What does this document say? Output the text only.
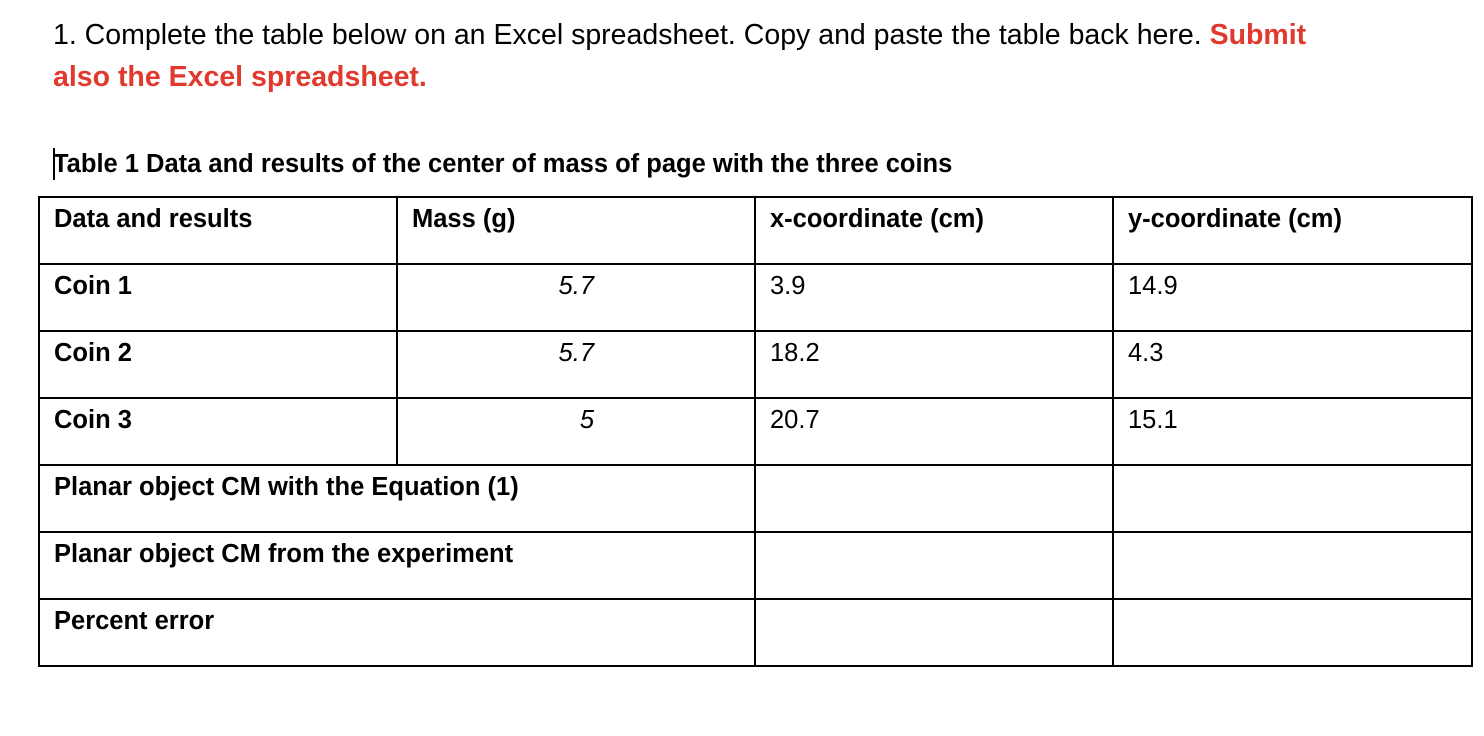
1. Complete the table below on an Excel spreadsheet. Copy and paste the table back here. Submit also the Excel spreadsheet.
Table 1 Data and results of the center of mass of page with the three coins
Data and results	Mass (g)	x-coordinate (cm)	y-coordinate (cm)
Coin 1	5.7	3.9	14.9
Coin 2	5.7	18.2	4.3
Coin 3	5	20.7	15.1
Planar object CM with the Equation (1)			
Planar object CM from the experiment			
Percent error			
